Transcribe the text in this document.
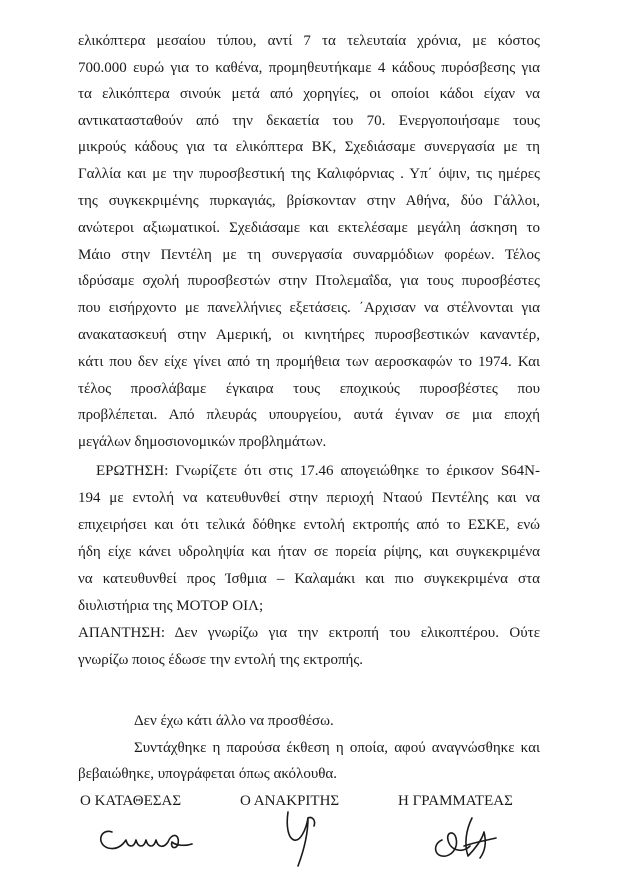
ελικόπτερα μεσαίου τύπου, αντί 7 τα τελευταία χρόνια, με κόστος
700.000 ευρώ για το καθένα, προμηθευτήκαμε 4 κάδους πυρόσβεσης για
τα ελικόπτερα σινούκ μετά από χορηγίες, οι οποίοι κάδοι είχαν να
αντικατασταθούν από την δεκαετία του 70. Ενεργοποιήσαμε τους
μικρούς κάδους για τα ελικόπτερα ΒΚ, Σχεδιάσαμε συνεργασία με τη
Γαλλία και με την πυροσβεστική της Καλιφόρνιας . Υπ΄ όψιν, τις ημέρες
της συγκεκριμένης πυρκαγιάς, βρίσκονταν στην Αθήνα, δύο Γάλλοι,
ανώτεροι αξιωματικοί. Σχεδιάσαμε και εκτελέσαμε μεγάλη άσκηση το
Μάιο στην Πεντέλη με τη συνεργασία συναρμόδιων φορέων. Τέλος
ιδρύσαμε σχολή πυροσβεστών στην Πτολεμαΐδα, για τους πυροσβέστες
που εισήρχοντο με πανελλήνιες εξετάσεις. ΄Αρχισαν να στέλνονται για
ανακατασκευή στην Αμερική, οι κινητήρες πυροσβεστικών καναντέρ,
κάτι που δεν είχε γίνει από τη προμήθεια των αεροσκαφών το 1974. Και
τέλος προσλάβαμε έγκαιρα τους εποχικούς πυροσβέστες που
προβλέπεται. Από πλευράς υπουργείου, αυτά έγιναν σε μια εποχή
μεγάλων δημοσιονομικών προβλημάτων.
ΕΡΩΤΗΣΗ: Γνωρίζετε ότι στις 17.46 απογειώθηκε το έρικσον S64N-
194 με εντολή να κατευθυνθεί στην περιοχή Νταού Πεντέλης και να
επιχειρήσει και ότι τελικά δόθηκε εντολή εκτροπής από το ΕΣΚΕ, ενώ
ήδη είχε κάνει υδροληψία και ήταν σε πορεία ρίψης, και συγκεκριμένα
να κατευθυνθεί προς Ίσθμια – Καλαμάκι και πιο συγκεκριμένα στα
διυλιστήρια της ΜΟΤΟΡ ΟΙΛ;
ΑΠΑΝΤΗΣΗ: Δεν γνωρίζω για την εκτροπή του ελικοπτέρου. Ούτε
γνωρίζω ποιος έδωσε την εντολή της εκτροπής.
Δεν έχω κάτι άλλο να προσθέσω.
Συντάχθηκε η παρούσα έκθεση η οποία, αφού αναγνώσθηκε και
βεβαιώθηκε, υπογράφεται όπως ακόλουθα.
Ο ΚΑΤΑΘΕΣΑΣ	Ο ΑΝΑΚΡΙΤΗΣ	Η ΓΡΑΜΜΑΤΕΑΣ
